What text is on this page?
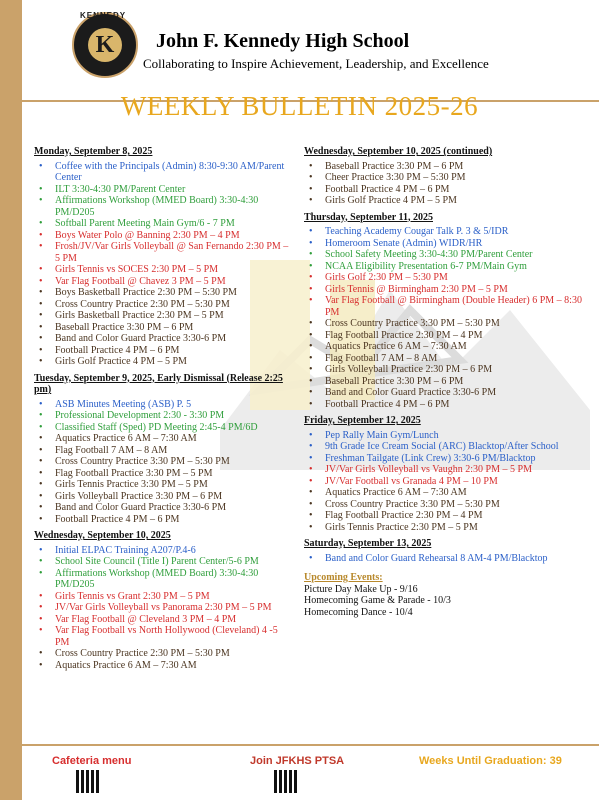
K
KENNEDY
John F. Kennedy High School
Collaborating to Inspire Achievement, Leadership, and Excellence
WEEKLY BULLETIN 2025-26
Monday, September 8, 2025
• Coffee with the Principals (Admin) 8:30-9:30 AM/Parent Center
• ILT 3:30-4:30 PM/Parent Center
• Affirmations Workshop (MMED Board) 3:30-4:30 PM/D205
• Softball Parent Meeting Main Gym/6 - 7 PM
• Boys Water Polo @ Banning 2:30 PM – 4 PM
• Frosh/JV/Var Girls Volleyball @ San Fernando 2:30 PM – 5 PM
• Girls Tennis vs SOCES 2:30 PM – 5 PM
• Var Flag Football @ Chavez 3 PM – 5 PM
• Boys Basketball Practice 2:30 PM – 5:30 PM
• Cross Country Practice 2:30 PM – 5:30 PM
• Girls Basketball Practice 2:30 PM – 5 PM
• Baseball Practice 3:30 PM – 6 PM
• Band and Color Guard Practice 3:30-6 PM
• Football Practice 4 PM – 6 PM
• Girls Golf Practice 4 PM – 5 PM
Tuesday, September 9, 2025, Early Dismissal (Release 2:25 pm)
• ASB Minutes Meeting (ASB) P. 5
• Professional Development 2:30 - 3:30 PM
• Classified Staff (Sped) PD Meeting 2:45-4 PM/6D
• Aquatics Practice 6 AM – 7:30 AM
• Flag Football 7 AM – 8 AM
• Cross Country Practice 3:30 PM – 5:30 PM
• Flag Football Practice 3:30 PM – 5 PM
• Girls Tennis Practice 3:30 PM – 5 PM
• Girls Volleyball Practice 3:30 PM – 6 PM
• Band and Color Guard Practice 3:30-6 PM
• Football Practice 4 PM – 6 PM
Wednesday, September 10, 2025
• Initial ELPAC Training A207/P.4-6
• School Site Council (Title I) Parent Center/5-6 PM
• Affirmations Workshop (MMED Board) 3:30-4:30 PM/D205
• Girls Tennis vs Grant 2:30 PM – 5 PM
• JV/Var Girls Volleyball vs Panorama 2:30 PM – 5 PM
• Var Flag Football @ Cleveland 3 PM – 4 PM
• Var Flag Football vs North Hollywood (Cleveland) 4 -5 PM
• Cross Country Practice 2:30 PM – 5:30 PM
• Aquatics Practice 6 AM – 7:30 AM
Wednesday, September 10, 2025 (continued)
• Baseball Practice 3:30 PM – 6 PM
• Cheer Practice 3:30 PM – 5:30 PM
• Football Practice 4 PM – 6 PM
• Girls Golf Practice 4 PM – 5 PM
Thursday, September 11, 2025
• Teaching Academy Cougar Talk P. 3 & 5/IDR
• Homeroom Senate (Admin) WIDR/HR
• School Safety Meeting 3:30-4:30 PM/Parent Center
• NCAA Eligibility Presentation 6-7 PM/Main Gym
• Girls Golf 2:30 PM – 5:30 PM
• Girls Tennis @ Birmingham 2:30 PM – 5 PM
• Var Flag Football @ Birmingham (Double Header) 6 PM – 8:30 PM
• Cross Country Practice 3:30 PM – 5:30 PM
• Flag Football Practice 2:30 PM – 4 PM
• Aquatics Practice 6 AM – 7:30 AM
• Flag Football 7 AM – 8 AM
• Girls Volleyball Practice 2:30 PM – 6 PM
• Baseball Practice 3:30 PM – 6 PM
• Band and Color Guard Practice 3:30-6 PM
• Football Practice 4 PM – 6 PM
Friday, September 12, 2025
• Pep Rally Main Gym/Lunch
• 9th Grade Ice Cream Social (ARC) Blacktop/After School
• Freshman Tailgate (Link Crew) 3:30-6 PM/Blacktop
• JV/Var Girls Volleyball vs Vaughn 2:30 PM – 5 PM
• JV/Var Football vs Granada 4 PM – 10 PM
• Aquatics Practice 6 AM – 7:30 AM
• Cross Country Practice 3:30 PM – 5:30 PM
• Flag Football Practice 2:30 PM – 4 PM
• Girls Tennis Practice 2:30 PM – 5 PM
Saturday, September 13, 2025
• Band and Color Guard Rehearsal 8 AM-4 PM/Blacktop
Upcoming Events:
Picture Day Make Up - 9/16
Homecoming Game & Parade - 10/3
Homecoming Dance - 10/4
Cafeteria menu	Join JFKHS PTSA	Weeks Until Graduation: 39
